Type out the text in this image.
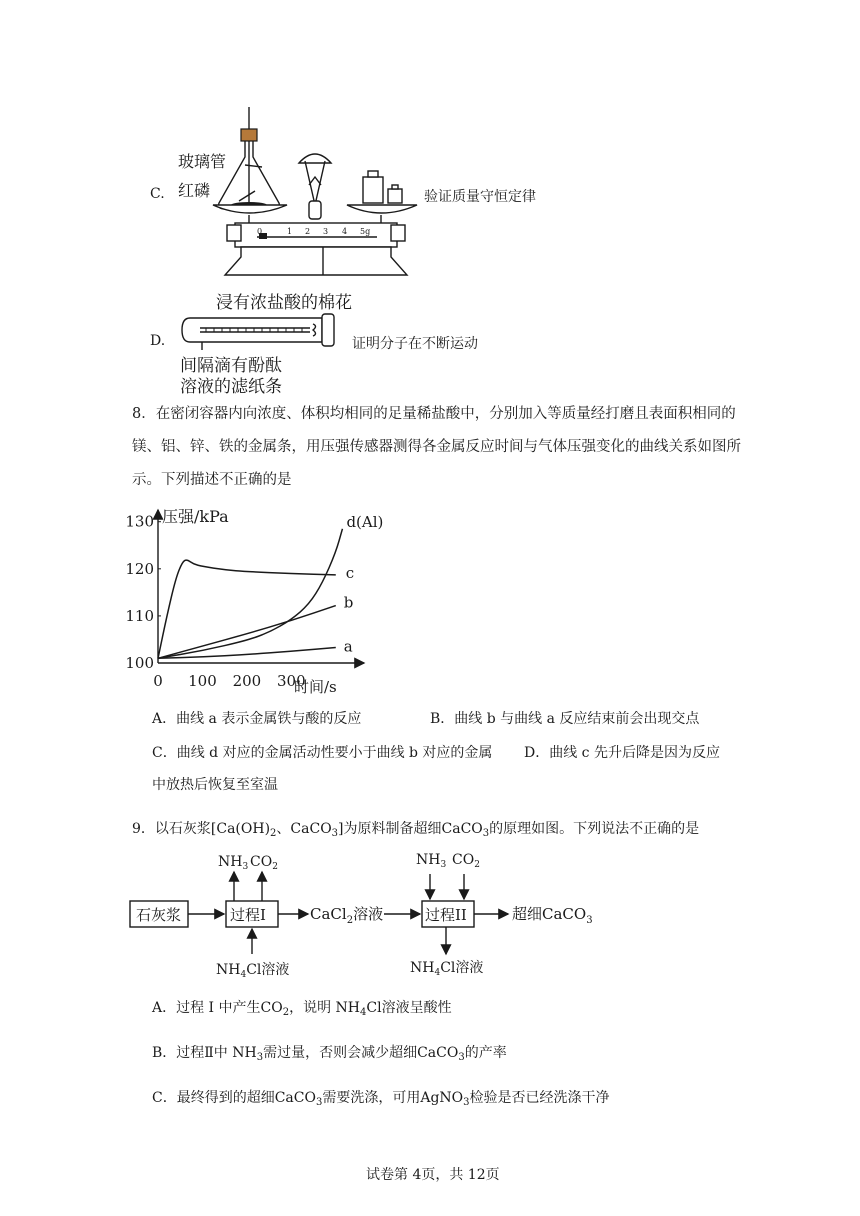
C.
玻璃管
红磷	验证质量守恒定律
0	1 2 3 4 5g
浸有浓盐酸的棉花
D.	证明分子在不断运动
间隔滴有酚酞
溶液的滤纸条
8．在密闭容器内向浓度、体积均相同的足量稀盐酸中，分别加入等质量经打磨且表面积相同的镁、铝、锌、铁的金属条，用压强传感器测得各金属反应时间与气体压强变化的曲线关系如图所示。下列描述不正确的是
压强/kPa
时间/s
100
110
120
130
0 100 200 300
a
b
c
d(Al)
A．曲线 a 表示金属铁与酸的反应	B．曲线 b 与曲线 a 反应结束前会出现交点
C．曲线 d 对应的金属活动性要小于曲线 b 对应的金属 D．曲线 c 先升后降是因为反应
中放热后恢复至室温
9．以石灰浆[$Ca(OH)_2$、CaCO$_3$]为原料制备超细CaCO$_3$的原理如图。下列说法不正确的是
石灰浆	过程I	过程II
CaCl$_2$溶液	超细CaCO$_3$
$NH_3$ $CO_2$
$NH_4Cl$溶液
$NH_3$ $CO_2$
$NH_4Cl$溶液
A．过程 I 中产生$CO_2$，说明 $NH_4Cl$溶液呈酸性
B．过程Ⅱ中 $NH_3$需过量，否则会减少超细CaCO$_3$的产率
C．最终得到的超细CaCO$_3$需要洗涤，可用AgNO$_3$检验是否已经洗涤干净
试卷第 4页，共 12页
